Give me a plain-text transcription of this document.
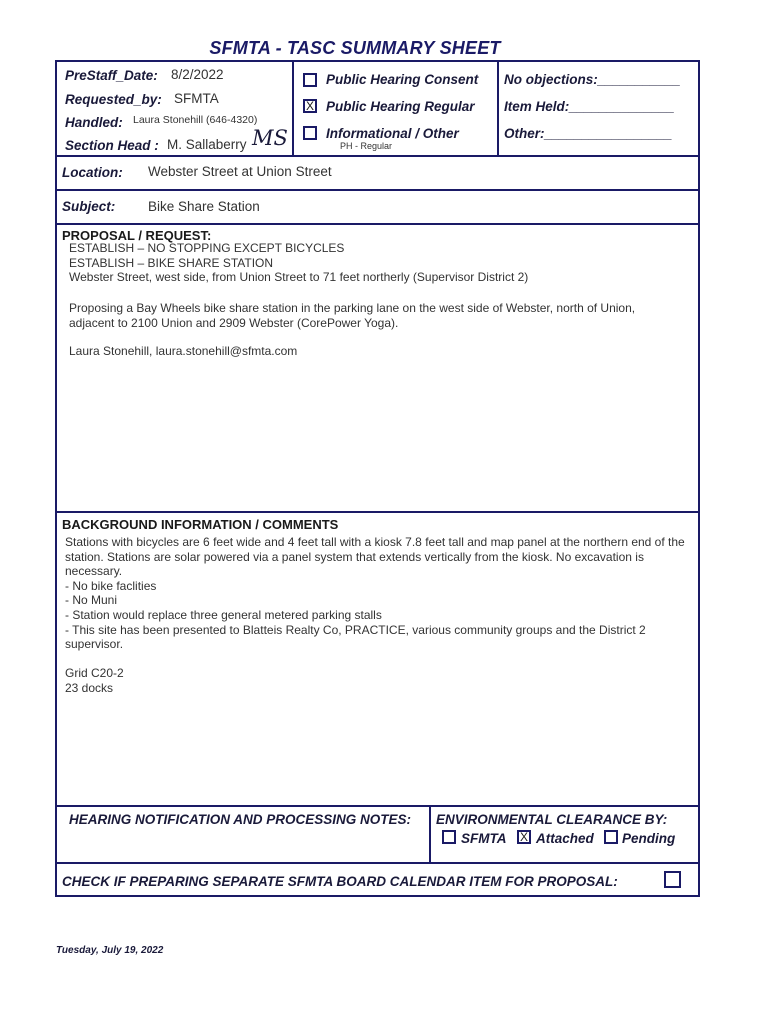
SFMTA - TASC SUMMARY SHEET
PreStaff_Date: 8/2/2022
Requested_by: SFMTA
Handled: Laura Stonehill (646-4320)
Section Head : M. Sallaberry MS
Public Hearing Consent
X Public Hearing Regular
Informational / Other
PH - Regular
No objections:___________
Item Held:______________
Other:_________________
Location: Webster Street at Union Street
Subject: Bike Share Station
PROPOSAL / REQUEST:
ESTABLISH – NO STOPPING EXCEPT BICYCLES
ESTABLISH – BIKE SHARE STATION
Webster Street, west side, from Union Street to 71 feet northerly (Supervisor District 2)
Proposing a Bay Wheels bike share station in the parking lane on the west side of Webster, north of Union, adjacent to 2100 Union and 2909 Webster (CorePower Yoga).
Laura Stonehill, laura.stonehill@sfmta.com
BACKGROUND INFORMATION / COMMENTS
Stations with bicycles are 6 feet wide and 4 feet tall with a kiosk 7.8 feet tall and map panel at the northern end of the station. Stations are solar powered via a panel system that extends vertically from the kiosk. No excavation is necessary.
- No bike faclities
- No Muni
- Station would replace three general metered parking stalls
- This site has been presented to Blatteis Realty Co, PRACTICE, various community groups and the District 2 supervisor.

Grid C20-2
23 docks
HEARING NOTIFICATION AND PROCESSING NOTES: ENVIRONMENTAL CLEARANCE BY:
SFMTA X Attached Pending
CHECK IF PREPARING SEPARATE SFMTA BOARD CALENDAR ITEM FOR PROPOSAL:
Tuesday, July 19, 2022
